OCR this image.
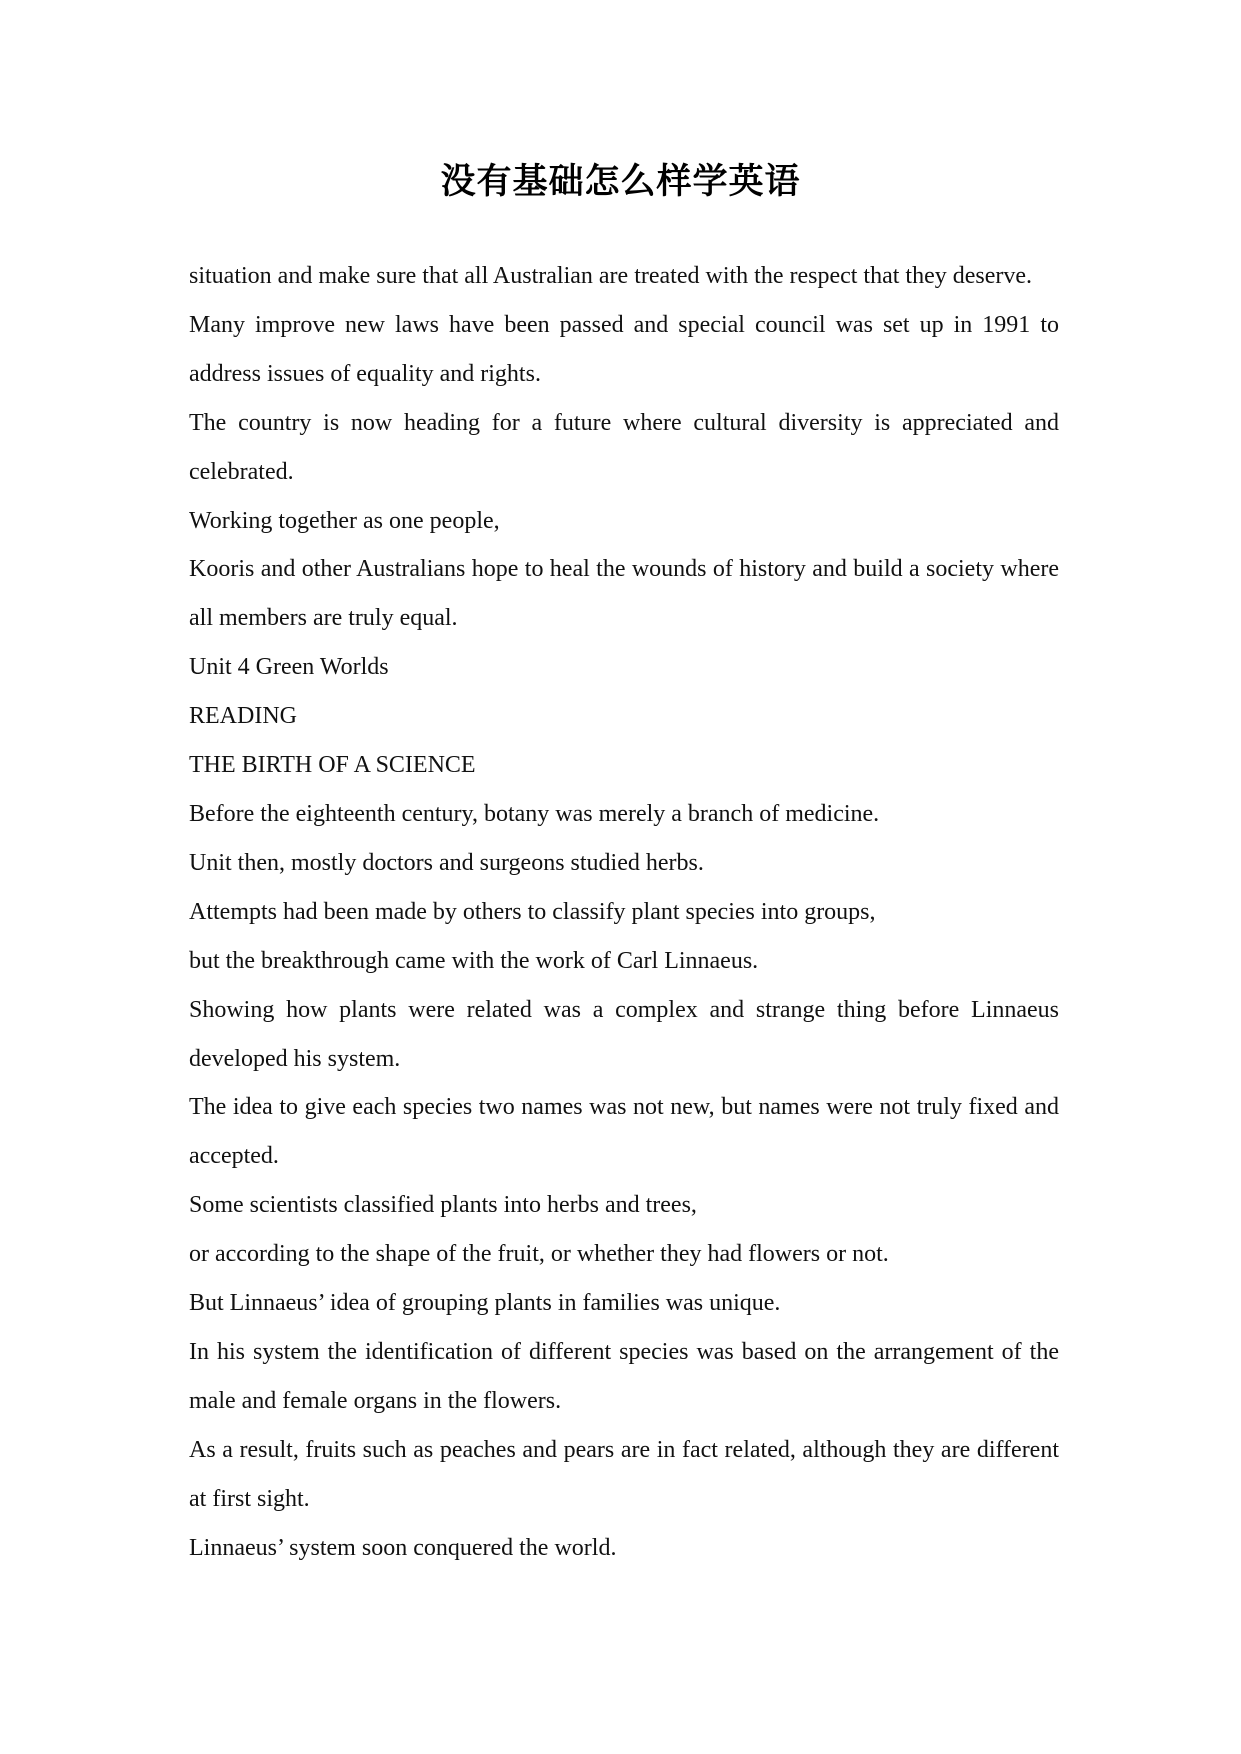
没有基础怎么样学英语

situation and make sure that all Australian are treated with the respect that they deserve.

Many improve new laws have been passed and special council was set up in 1991 to address issues of equality and rights.

The country is now heading for a future where cultural diversity is appreciated and celebrated.

Working together as one people,

Kooris and other Australians hope to heal the wounds of history and build a society where all members are truly equal.

Unit 4 Green Worlds

READING

THE BIRTH OF A SCIENCE

Before the eighteenth century, botany was merely a branch of medicine.

Unit then, mostly doctors and surgeons studied herbs.

Attempts had been made by others to classify plant species into groups,

but the breakthrough came with the work of Carl Linnaeus.

Showing how plants were related was a complex and strange thing before Linnaeus developed his system.

The idea to give each species two names was not new, but names were not truly fixed and accepted.

Some scientists classified plants into herbs and trees,

or according to the shape of the fruit, or whether they had flowers or not.

But Linnaeus’ idea of grouping plants in families was unique.

In his system the identification of different species was based on the arrangement of the male and female organs in the flowers.

As a result, fruits such as peaches and pears are in fact related, although they are different at first sight.

Linnaeus’ system soon conquered the world.
